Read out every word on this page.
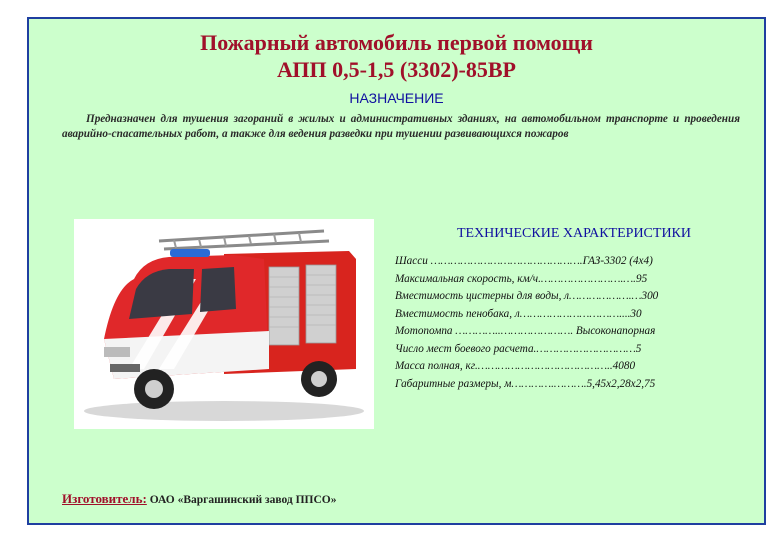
Пожарный автомобиль первой помощи
АПП 0,5-1,5 (3302)-85ВР
НАЗНАЧЕНИЕ
Предназначен для тушения загораний в жилых и административных зданиях, на автомобильном транспорте и проведения аварийно-спасательных работ, а также для ведения разведки при тушении развивающихся пожаров
ТЕХНИЧЕСКИЕ ХАРАКТЕРИСТИКИ
Шасси ……………………………………….ГАЗ-3302 (4х4)
Максимальная скорость, км/ч.…………………….….95
Вместимость цистерны для воды, л……………….…300
Вместимость пенобака, л…………………………....30
Мотопомпа …………..…………………. Высоконапорная
Число мест боевого расчета.…………………………5
Масса полная, кг.…………………………………..4080
Габаритные размеры, м………….……….5,45х2,28х2,75
Изготовитель: ОАО «Варгашинский завод ППСО»
